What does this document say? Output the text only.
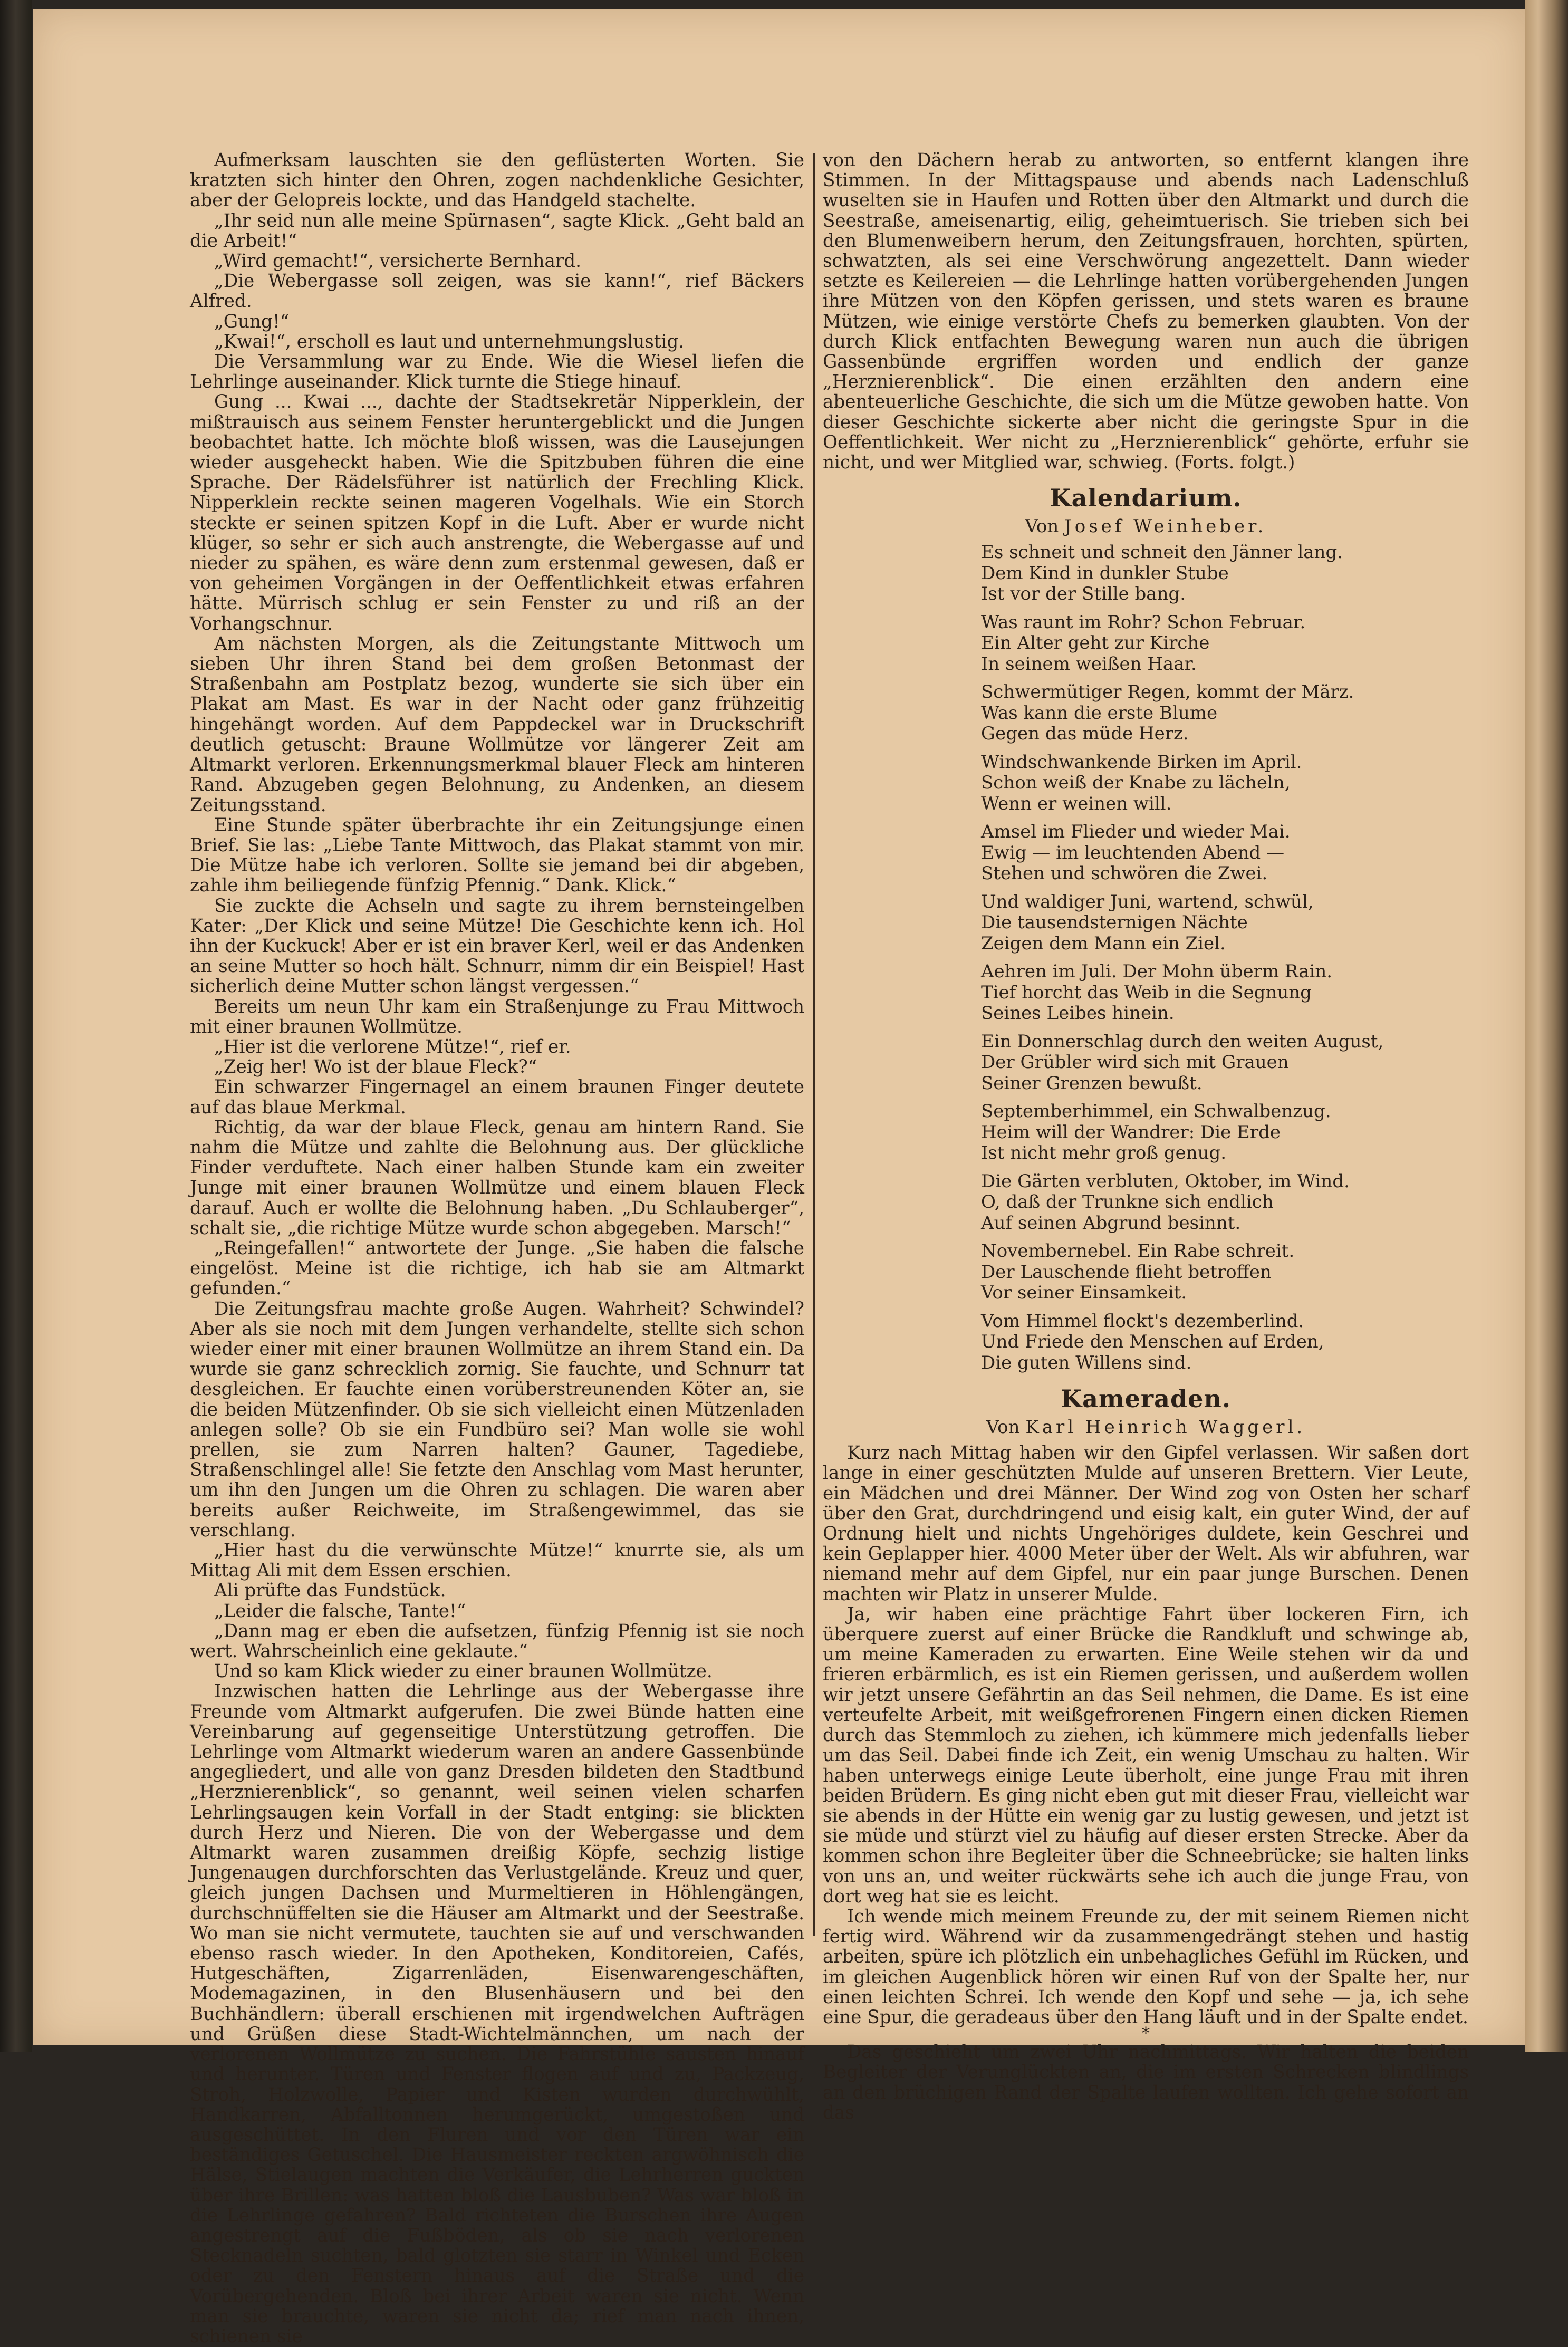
Aufmerksam lauschten sie den geflüsterten Worten. Sie kratzten sich hinter den Ohren, zogen nachdenkliche Gesichter, aber der Gelopreis lockte, und das Handgeld stachelte.

„Ihr seid nun alle meine Spürnasen“, sagte Klick. „Geht bald an die Arbeit!“

„Wird gemacht!“, versicherte Bernhard.

„Die Webergasse soll zeigen, was sie kann!“, rief Bäckers Alfred.

„Gung!“

„Kwai!“, erscholl es laut und unternehmungslustig.

Die Versammlung war zu Ende. Wie die Wiesel liefen die Lehrlinge auseinander. Klick turnte die Stiege hinauf.

Gung ... Kwai ..., dachte der Stadtsekretär Nipperklein, der mißtrauisch aus seinem Fenster heruntergeblickt und die Jungen beobachtet hatte. Ich möchte bloß wissen, was die Lausejungen wieder ausgeheckt haben. Wie die Spitzbuben führen die eine Sprache. Der Rädelsführer ist natürlich der Frechling Klick. Nipperklein reckte seinen mageren Vogelhals. Wie ein Storch steckte er seinen spitzen Kopf in die Luft. Aber er wurde nicht klüger, so sehr er sich auch anstrengte, die Webergasse auf und nieder zu spähen, es wäre denn zum erstenmal gewesen, daß er von geheimen Vorgängen in der Oeffentlichkeit etwas erfahren hätte. Mürrisch schlug er sein Fenster zu und riß an der Vorhangschnur.

Am nächsten Morgen, als die Zeitungstante Mittwoch um sieben Uhr ihren Stand bei dem großen Betonmast der Straßenbahn am Postplatz bezog, wunderte sie sich über ein Plakat am Mast. Es war in der Nacht oder ganz frühzeitig hingehängt worden. Auf dem Pappdeckel war in Druckschrift deutlich getuscht: Braune Wollmütze vor längerer Zeit am Altmarkt verloren. Erkennungsmerkmal blauer Fleck am hinteren Rand. Abzugeben gegen Belohnung, zu Andenken, an diesem Zeitungsstand.

Eine Stunde später überbrachte ihr ein Zeitungsjunge einen Brief. Sie las: „Liebe Tante Mittwoch, das Plakat stammt von mir. Die Mütze habe ich verloren. Sollte sie jemand bei dir abgeben, zahle ihm beiliegende fünfzig Pfennig.“ Dank. Klick.“

Sie zuckte die Achseln und sagte zu ihrem bernsteingelben Kater: „Der Klick und seine Mütze! Die Geschichte kenn ich. Hol ihn der Kuckuck! Aber er ist ein braver Kerl, weil er das Andenken an seine Mutter so hoch hält. Schnurr, nimm dir ein Beispiel! Hast sicherlich deine Mutter schon längst vergessen.“

Bereits um neun Uhr kam ein Straßenjunge zu Frau Mittwoch mit einer braunen Wollmütze.

„Hier ist die verlorene Mütze!“, rief er.

„Zeig her! Wo ist der blaue Fleck?“

Ein schwarzer Fingernagel an einem braunen Finger deutete auf das blaue Merkmal.

Richtig, da war der blaue Fleck, genau am hintern Rand. Sie nahm die Mütze und zahlte die Belohnung aus. Der glückliche Finder verduftete. Nach einer halben Stunde kam ein zweiter Junge mit einer braunen Wollmütze und einem blauen Fleck darauf. Auch er wollte die Belohnung haben. „Du Schlauberger“, schalt sie, „die richtige Mütze wurde schon abgegeben. Marsch!“

„Reingefallen!“ antwortete der Junge. „Sie haben die falsche eingelöst. Meine ist die richtige, ich hab sie am Altmarkt gefunden.“

Die Zeitungsfrau machte große Augen. Wahrheit? Schwindel? Aber als sie noch mit dem Jungen verhandelte, stellte sich schon wieder einer mit einer braunen Wollmütze an ihrem Stand ein. Da wurde sie ganz schrecklich zornig. Sie fauchte, und Schnurr tat desgleichen. Er fauchte einen vorüberstreunenden Köter an, sie die beiden Mützenfinder. Ob sie sich vielleicht einen Mützenladen anlegen solle? Ob sie ein Fundbüro sei? Man wolle sie wohl prellen, sie zum Narren halten? Gauner, Tagediebe, Straßenschlingel alle! Sie fetzte den Anschlag vom Mast herunter, um ihn den Jungen um die Ohren zu schlagen. Die waren aber bereits außer Reichweite, im Straßengewimmel, das sie verschlang.

„Hier hast du die verwünschte Mütze!“ knurrte sie, als um Mittag Ali mit dem Essen erschien.

Ali prüfte das Fundstück.

„Leider die falsche, Tante!“

„Dann mag er eben die aufsetzen, fünfzig Pfennig ist sie noch wert. Wahrscheinlich eine geklaute.“

Und so kam Klick wieder zu einer braunen Wollmütze.

Inzwischen hatten die Lehrlinge aus der Webergasse ihre Freunde vom Altmarkt aufgerufen. Die zwei Bünde hatten eine Vereinbarung auf gegenseitige Unterstützung getroffen. Die Lehrlinge vom Altmarkt wiederum waren an andere Gassenbünde angegliedert, und alle von ganz Dresden bildeten den Stadtbund „Herznierenblick“, so genannt, weil seinen vielen scharfen Lehrlingsaugen kein Vorfall in der Stadt entging: sie blickten durch Herz und Nieren. Die von der Webergasse und dem Altmarkt waren zusammen dreißig Köpfe, sechzig listige Jungenaugen durchforschten das Verlustgelände. Kreuz und quer, gleich jungen Dachsen und Murmeltieren in Höhlengängen, durchschnüffelten sie die Häuser am Altmarkt und der Seestraße. Wo man sie nicht vermutete, tauchten sie auf und verschwanden ebenso rasch wieder. In den Apotheken, Konditoreien, Cafés, Hutgeschäften, Zigarrenläden, Eisenwarengeschäften, Modemagazinen, in den Blusenhäusern und bei den Buchhändlern: überall erschienen mit irgendwelchen Aufträgen und Grüßen diese Stadt-Wichtelmännchen, um nach der verlorenen Wollmütze zu suchen. Die Fahrstühle sausten hinauf und herunter. Türen und Fenster flogen auf und zu, Packzeug, Stroh, Holzwolle, Papier und Kisten wurden durchwühlt, Handkarren, Abfalltonnen herumgerückt, umgestoßen und ausgeschüttet. In den Fluren und vor den Türen war ein beständiges Getuschel. Die Hausmeister reckten argwöhnisch die Hälse, Stielaugen machten die Verkäufer, die Lehrherren guckten über ihre Brillen: was hatten bloß die Lausbuben? Was war bloß in die Lehrlinge gefahren? Bald richteten die Burschen ihre Augen angestrengt auf die Fußböden, als ob sie nach verlorenen Stecknadeln suchten, bald glotzten sie starr in Winkel und Ecken oder zu den Fenstern hinaus auf die Straße und die Vorübergehenden. Bloß bei ihrer Arbeit waren sie nicht. Wenn man sie brauchte, waren sie nicht da; rief man nach ihnen, schienen sie

von den Dächern herab zu antworten, so entfernt klangen ihre Stimmen. In der Mittagspause und abends nach Ladenschluß wuselten sie in Haufen und Rotten über den Altmarkt und durch die Seestraße, ameisenartig, eilig, geheimtuerisch. Sie trieben sich bei den Blumenweibern herum, den Zeitungsfrauen, horchten, spürten, schwatzten, als sei eine Verschwörung angezettelt. Dann wieder setzte es Keilereien — die Lehrlinge hatten vorübergehenden Jungen ihre Mützen von den Köpfen gerissen, und stets waren es braune Mützen, wie einige verstörte Chefs zu bemerken glaubten. Von der durch Klick entfachten Bewegung waren nun auch die übrigen Gassenbünde ergriffen worden und endlich der ganze „Herznierenblick“. Die einen erzählten den andern eine abenteuerliche Geschichte, die sich um die Mütze gewoben hatte. Von dieser Geschichte sickerte aber nicht die geringste Spur in die Oeffentlichkeit. Wer nicht zu „Herznierenblick“ gehörte, erfuhr sie nicht, und wer Mitglied war, schwieg. (Forts. folgt.)

Kalendarium.
Von Josef Weinheber.
Es schneit und schneit den Jänner lang.
Dem Kind in dunkler Stube
Ist vor der Stille bang.
Was raunt im Rohr? Schon Februar.
Ein Alter geht zur Kirche
In seinem weißen Haar.
Schwermütiger Regen, kommt der März.
Was kann die erste Blume
Gegen das müde Herz.
Windschwankende Birken im April.
Schon weiß der Knabe zu lächeln,
Wenn er weinen will.
Amsel im Flieder und wieder Mai.
Ewig — im leuchtenden Abend —
Stehen und schwören die Zwei.
Und waldiger Juni, wartend, schwül,
Die tausendsternigen Nächte
Zeigen dem Mann ein Ziel.
Aehren im Juli. Der Mohn überm Rain.
Tief horcht das Weib in die Segnung
Seines Leibes hinein.
Ein Donnerschlag durch den weiten August,
Der Grübler wird sich mit Grauen
Seiner Grenzen bewußt.
Septemberhimmel, ein Schwalbenzug.
Heim will der Wandrer: Die Erde
Ist nicht mehr groß genug.
Die Gärten verbluten, Oktober, im Wind.
O, daß der Trunkne sich endlich
Auf seinen Abgrund besinnt.
Novembernebel. Ein Rabe schreit.
Der Lauschende flieht betroffen
Vor seiner Einsamkeit.
Vom Himmel flockt's dezemberlind.
Und Friede den Menschen auf Erden,
Die guten Willens sind.
Kameraden.
Von Karl Heinrich Waggerl.

Kurz nach Mittag haben wir den Gipfel verlassen. Wir saßen dort lange in einer geschützten Mulde auf unseren Brettern. Vier Leute, ein Mädchen und drei Männer. Der Wind zog von Osten her scharf über den Grat, durchdringend und eisig kalt, ein guter Wind, der auf Ordnung hielt und nichts Ungehöriges duldete, kein Geschrei und kein Geplapper hier. 4000 Meter über der Welt. Als wir abfuhren, war niemand mehr auf dem Gipfel, nur ein paar junge Burschen. Denen machten wir Platz in unserer Mulde.

Ja, wir haben eine prächtige Fahrt über lockeren Firn, ich überquere zuerst auf einer Brücke die Randkluft und schwinge ab, um meine Kameraden zu erwarten. Eine Weile stehen wir da und frieren erbärmlich, es ist ein Riemen gerissen, und außerdem wollen wir jetzt unsere Gefährtin an das Seil nehmen, die Dame. Es ist eine verteufelte Arbeit, mit weißgefrorenen Fingern einen dicken Riemen durch das Stemmloch zu ziehen, ich kümmere mich jedenfalls lieber um das Seil. Dabei finde ich Zeit, ein wenig Umschau zu halten. Wir haben unterwegs einige Leute überholt, eine junge Frau mit ihren beiden Brüdern. Es ging nicht eben gut mit dieser Frau, vielleicht war sie abends in der Hütte ein wenig gar zu lustig gewesen, und jetzt ist sie müde und stürzt viel zu häufig auf dieser ersten Strecke. Aber da kommen schon ihre Begleiter über die Schneebrücke; sie halten links von uns an, und weiter rückwärts sehe ich auch die junge Frau, von dort weg hat sie es leicht.

Ich wende mich meinem Freunde zu, der mit seinem Riemen nicht fertig wird. Während wir da zusammengedrängt stehen und hastig arbeiten, spüre ich plötzlich ein unbehagliches Gefühl im Rücken, und im gleichen Augenblick hören wir einen Ruf von der Spalte her, nur einen leichten Schrei. Ich wende den Kopf und sehe — ja, ich sehe eine Spur, die geradeaus über den Hang läuft und in der Spalte endet.

*

Das geschieht um zwei Uhr nachmittags. Wir halten die beiden Begleiter der Verunglückten an, die im ersten Schrecken blindlings an den brüchigen Rand der Spalte laufen wollten. Ich gehe sofort an das
